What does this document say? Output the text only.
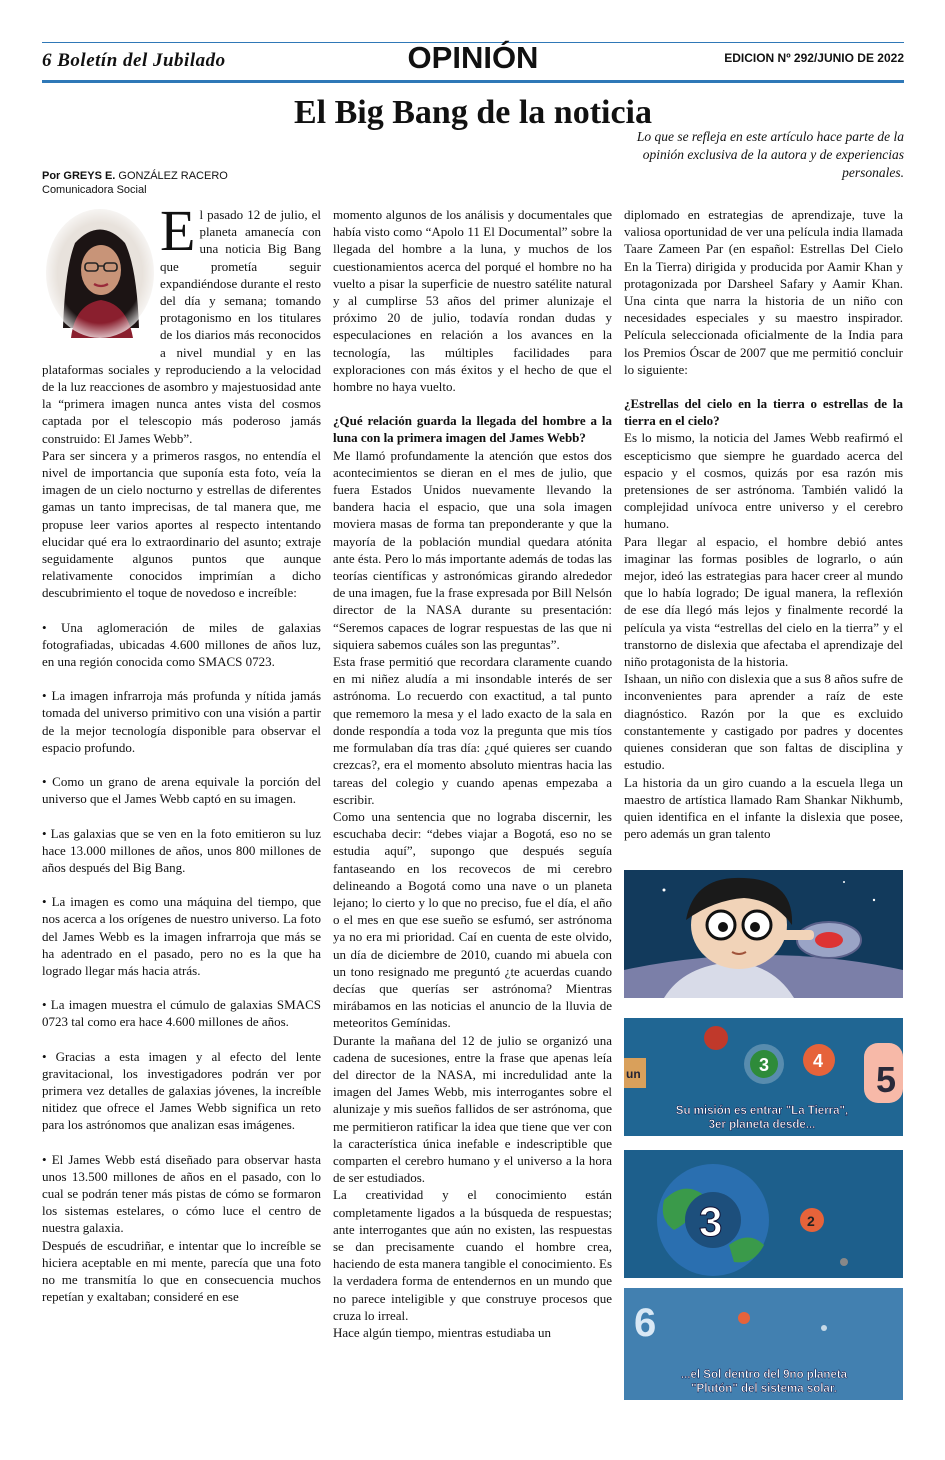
6 Boletín del Jubilado	OPINIÓN	EDICION Nº 292/JUNIO DE 2022
El Big Bang de la noticia
Lo que se refleja en este artículo hace parte de la opinión exclusiva de la autora y de experiencias personales.
Por GREYS E. GONZÁLEZ RACERO
Comunicadora Social
E l pasado 12 de julio, el planeta amanecía con una noticia Big Bang que prometía seguir expandiéndose durante el resto del día y semana; tomando protagonismo en los titulares de los diarios más reconocidos a nivel mundial y en las plataformas sociales y reproduciendo a la velocidad de la luz reacciones de asombro y majestuosidad ante la “primera imagen nunca antes vista del cosmos captada por el telescopio más poderoso jamás construido: El James Webb”.

Para ser sincera y a primeros rasgos, no entendía el nivel de importancia que suponía esta foto, veía la imagen de un cielo nocturno y estrellas de diferentes gamas un tanto imprecisas, de tal manera que, me propuse leer varios aportes al respecto intentando elucidar qué era lo extraordinario del asunto; extraje seguidamente algunos puntos que aunque relativamente conocidos imprimían a dicho descubrimiento el toque de novedoso e increíble:

• Una aglomeración de miles de galaxias fotografiadas, ubicadas 4.600 millones de años luz, en una región conocida como SMACS 0723.

• La imagen infrarroja más profunda y nítida jamás tomada del universo primitivo con una visión a partir de la mejor tecnología disponible para observar el espacio profundo.

• Como un grano de arena equivale la porción del universo que el James Webb captó en su imagen.

• Las galaxias que se ven en la foto emitieron su luz hace 13.000 millones de años, unos 800 millones de años después del Big Bang.

• La imagen es como una máquina del tiempo, que nos acerca a los orígenes de nuestro universo. La foto del James Webb es la imagen infrarroja que más se ha adentrado en el pasado, pero no es la que ha logrado llegar más hacia atrás.

• La imagen muestra el cúmulo de galaxias SMACS 0723 tal como era hace 4.600 millones de años.

• Gracias a esta imagen y al efecto del lente gravitacional, los investigadores podrán ver por primera vez detalles de galaxias jóvenes, la increíble nitidez que ofrece el James Webb significa un reto para los astrónomos que analizan esas imágenes.

• El James Webb está diseñado para observar hasta unos 13.500 millones de años en el pasado, con lo cual se podrán tener más pistas de cómo se formaron los sistemas estelares, o cómo luce el centro de nuestra galaxia.

Después de escudriñar, e intentar que lo increíble se hiciera aceptable en mi mente, parecía que una foto no me transmitía lo que en consecuencia muchos repetían y exaltaban; consideré en ese

momento algunos de los análisis y documentales que había visto como “Apolo 11 El Documental” sobre la llegada del hombre a la luna, y muchos de los cuestionamientos acerca del porqué el hombre no ha vuelto a pisar la superficie de nuestro satélite natural y al cumplirse 53 años del primer alunizaje el próximo 20 de julio, todavía rondan dudas y especulaciones en relación a los avances en la tecnología, las múltiples facilidades para exploraciones con más éxitos y el hecho de que el hombre no haya vuelto.

¿Qué relación guarda la llegada del hombre a la luna con la primera imagen del James Webb?

Me llamó profundamente la atención que estos dos acontecimientos se dieran en el mes de julio, que fuera Estados Unidos nuevamente llevando la bandera hacia el espacio, que una sola imagen moviera masas de forma tan preponderante y que la mayoría de la población mundial quedara atónita ante ésta. Pero lo más importante además de todas las teorías científicas y astronómicas girando alrededor de una imagen, fue la frase expresada por Bill Nelsón director de la NASA durante su presentación: “Seremos capaces de lograr respuestas de las que ni siquiera sabemos cuáles son las preguntas”.

Esta frase permitió que recordara claramente cuando en mi niñez aludía a mi insondable interés de ser astrónoma. Lo recuerdo con exactitud, a tal punto que rememoro la mesa y el lado exacto de la sala en donde respondía a toda voz la pregunta que mis tíos me formulaban día tras día: ¿qué quieres ser cuando crezcas?, era el momento absoluto mientras hacia las tareas del colegio y cuando apenas empezaba a escribir.

Como una sentencia que no lograba discernir, les escuchaba decir: “debes viajar a Bogotá, eso no se estudia aquí”, supongo que después seguía fantaseando en los recovecos de mi cerebro delineando a Bogotá como una nave o un planeta lejano; lo cierto y lo que no preciso, fue el día, el año o el mes en que ese sueño se esfumó, ser astrónoma ya no era mi prioridad. Caí en cuenta de este olvido, un día de diciembre de 2010, cuando mi abuela con un tono resignado me preguntó ¿te acuerdas cuando decías que querías ser astrónoma? Mientras mirábamos en las noticias el anuncio de la lluvia de meteoritos Gemínidas.

Durante la mañana del 12 de julio se organizó una cadena de sucesiones, entre la frase que apenas leía del director de la NASA, mi incredulidad ante la imagen del James Webb, mis interrogantes sobre el alunizaje y mis sueños fallidos de ser astrónoma, que me permitieron ratificar la idea que tiene que ver con la característica única inefable e indescriptible que comparten el cerebro humano y el universo a la hora de ser estudiados.

La creatividad y el conocimiento están completamente ligados a la búsqueda de respuestas; ante interrogantes que aún no existen, las respuestas se dan precisamente cuando el hombre crea, haciendo de esta manera tangible el conocimiento. Es la verdadera forma de entendernos en un mundo que no parece inteligible y que construye procesos que cruza lo irreal.

Hace algún tiempo, mientras estudiaba un

diplomado en estrategias de aprendizaje, tuve la valiosa oportunidad de ver una película india llamada Taare Zameen Par (en español: Estrellas Del Cielo En la Tierra) dirigida y producida por Aamir Khan y protagonizada por Darsheel Safary y Aamir Khan. Una cinta que narra la historia de un niño con necesidades especiales y su maestro inspirador. Película seleccionada oficialmente de la India para los Premios Óscar de 2007 que me permitió concluir lo siguiente:

¿Estrellas del cielo en la tierra o estrellas de la tierra en el cielo?

Es lo mismo, la noticia del James Webb reafirmó el escepticismo que siempre he guardado acerca del espacio y el cosmos, quizás por esa razón mis pretensiones de ser astrónoma. También validó la complejidad unívoca entre universo y el cerebro humano.

Para llegar al espacio, el hombre debió antes imaginar las formas posibles de lograrlo, o aún mejor, ideó las estrategias para hacer creer al mundo que lo había logrado; De igual manera, la reflexión de ese día llegó más lejos y finalmente recordé la película ya vista “estrellas del cielo en la tierra” y el transtorno de dislexia que afectaba el aprendizaje del niño protagonista de la historia.

Ishaan, un niño con dislexia que a sus 8 años sufre de inconvenientes para aprender a raíz de este diagnóstico. Razón por la que es excluido constantemente y castigado por padres y docentes quienes consideran que son faltas de disciplina y estudio.

La historia da un giro cuando a la escuela llega un maestro de artística llamado Ram Shankar Nikhumb, quien identifica en el infante la dislexia que posee, pero además un gran talento

un	3 4 5
Su misión es entrar "La Tierra",
3er planeta desde...
3	2
6
...el Sol dentro del 9no planeta
"Plutón" del sistema solar.
